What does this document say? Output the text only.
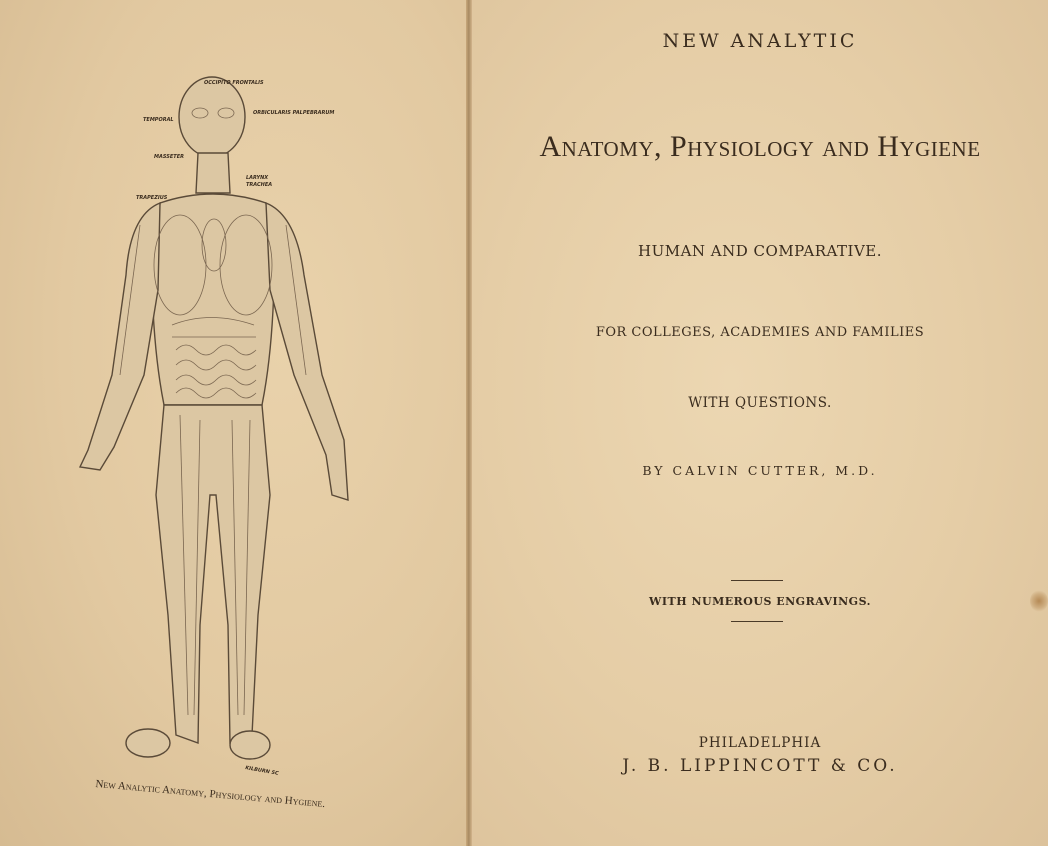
OCCIPITO FRONTALIS
TEMPORAL
ORBICULARIS PALPEBRARUM
MASSETER
LARYNX
TRACHEA
TRAPEZIUS
KILBURN SC
New Analytic Anatomy, Physiology and Hygiene.
NEW ANALYTIC
Anatomy, Physiology and Hygiene
HUMAN AND COMPARATIVE.
FOR COLLEGES, ACADEMIES AND FAMILIES
WITH QUESTIONS.
BY CALVIN CUTTER, M.D.
WITH NUMEROUS ENGRAVINGS.
PHILADELPHIA
J. B. LIPPINCOTT & CO.
